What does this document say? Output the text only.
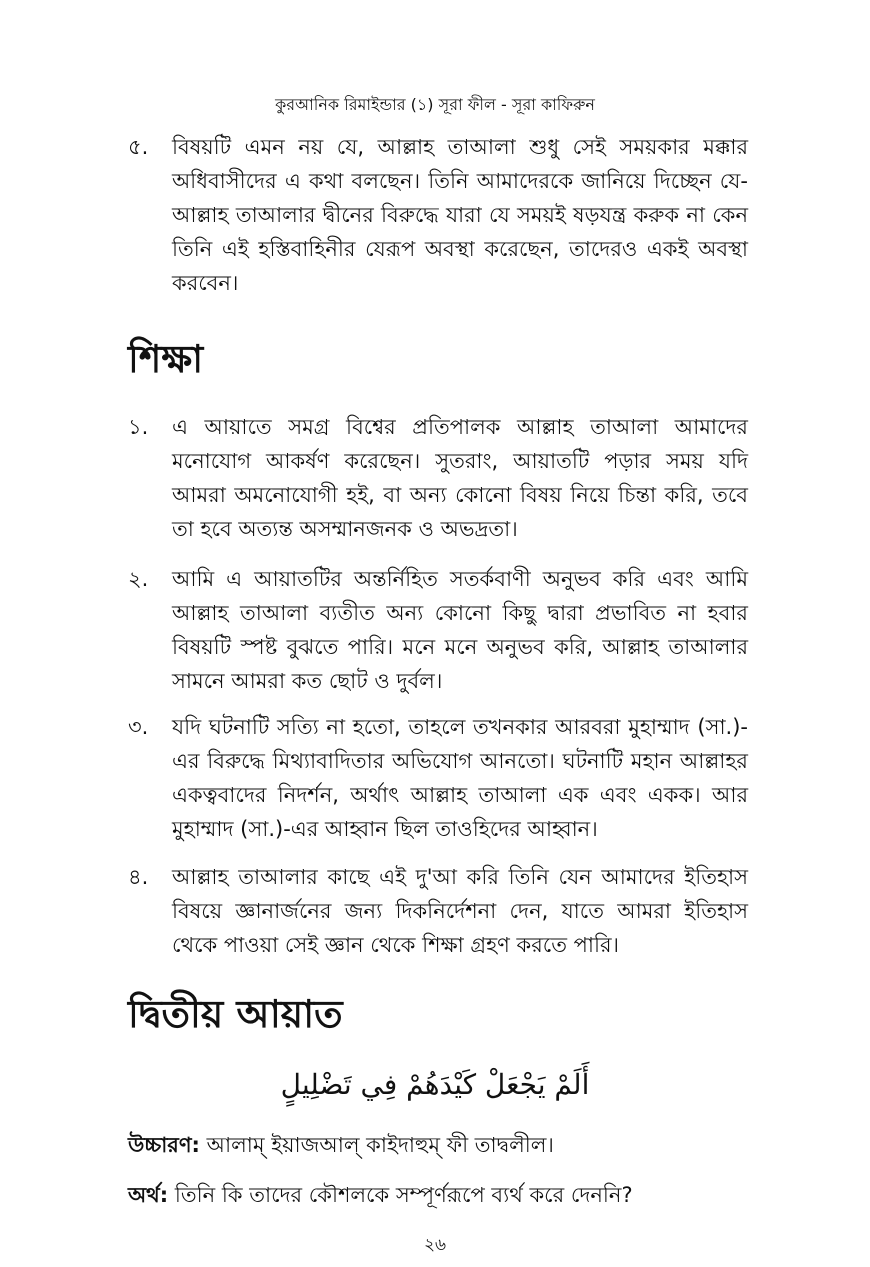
কুরআনিক রিমাইন্ডার (১) সূরা ফীল - সূরা কাফিরুন
৫.	বিষয়টি এমন নয় যে, আল্লাহ তাআলা শুধু সেই সময়কার মক্কার অধিবাসীদের এ কথা বলছেন। তিনি আমাদেরকে জানিয়ে দিচ্ছেন যে- আল্লাহ তাআলার দ্বীনের বিরুদ্ধে যারা যে সময়ই ষড়যন্ত্র করুক না কেন তিনি এই হস্তিবাহিনীর যেরূপ অবস্থা করেছেন, তাদেরও একই অবস্থা করবেন।
শিক্ষা
১.	এ আয়াতে সমগ্র বিশ্বের প্রতিপালক আল্লাহ তাআলা আমাদের মনোযোগ আকর্ষণ করেছেন। সুতরাং, আয়াতটি পড়ার সময় যদি আমরা অমনোযোগী হই, বা অন্য কোনো বিষয় নিয়ে চিন্তা করি, তবে তা হবে অত্যন্ত অসম্মানজনক ও অভদ্রতা।
২.	আমি এ আয়াতটির অন্তর্নিহিত সতর্কবাণী অনুভব করি এবং আমি আল্লাহ তাআলা ব্যতীত অন্য কোনো কিছু দ্বারা প্রভাবিত না হবার বিষয়টি স্পষ্ট বুঝতে পারি। মনে মনে অনুভব করি, আল্লাহ তাআলার সামনে আমরা কত ছোট ও দুর্বল।
৩.	যদি ঘটনাটি সত্যি না হতো, তাহলে তখনকার আরবরা মুহাম্মাদ (সা.)-এর বিরুদ্ধে মিথ্যাবাদিতার অভিযোগ আনতো। ঘটনাটি মহান আল্লাহর একত্ববাদের নিদর্শন, অর্থাৎ আল্লাহ তাআলা এক এবং একক। আর মুহাম্মাদ (সা.)-এর আহ্বান ছিল তাওহিদের আহ্বান।
৪.	আল্লাহ তাআলার কাছে এই দু'আ করি তিনি যেন আমাদের ইতিহাস বিষয়ে জ্ঞানার্জনের জন্য দিকনির্দেশনা দেন, যাতে আমরা ইতিহাস থেকে পাওয়া সেই জ্ঞান থেকে শিক্ষা গ্রহণ করতে পারি।
দ্বিতীয় আয়াত
أَلَمْ يَجْعَلْ كَيْدَهُمْ فِي تَضْلِيلٍ
উচ্চারণ: আলাম্ ইয়াজআল্ কাইদাহুম্ ফী তাদ্বলীল।
অর্থ: তিনি কি তাদের কৌশলকে সম্পূর্ণরূপে ব্যর্থ করে দেননি?
২৬
